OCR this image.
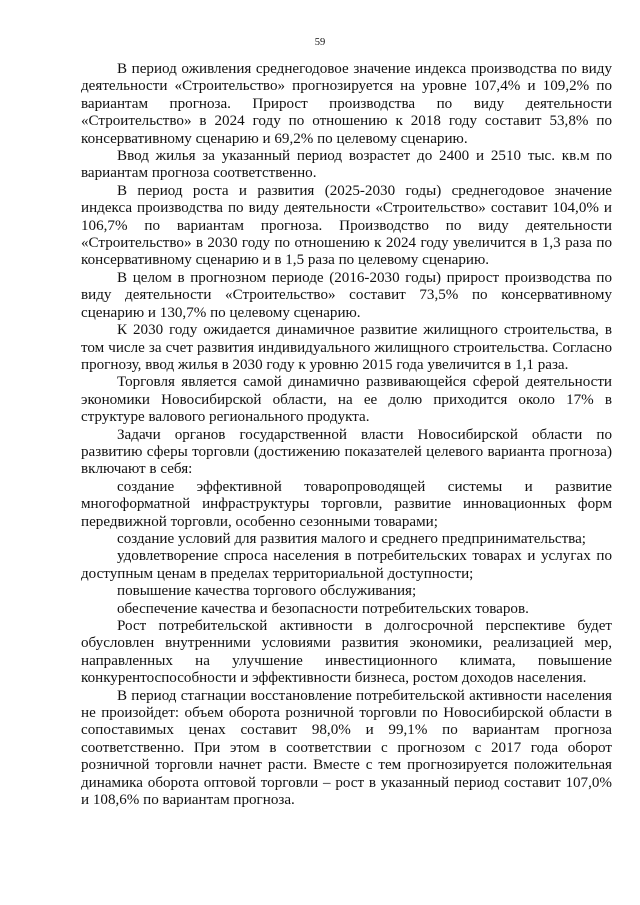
59

В период оживления среднегодовое значение индекса производства по виду деятельности «Строительство» прогнозируется на уровне 107,4% и 109,2% по вариантам прогноза. Прирост производства по виду деятельности «Строительство» в 2024 году по отношению к 2018 году составит 53,8% по консервативному сценарию и 69,2% по целевому сценарию.

Ввод жилья за указанный период возрастет до 2400 и 2510 тыс. кв.м по вариантам прогноза соответственно.

В период роста и развития (2025-2030 годы) среднегодовое значение индекса производства по виду деятельности «Строительство» составит 104,0% и 106,7% по вариантам прогноза. Производство по виду деятельности «Строительство» в 2030 году по отношению к 2024 году увеличится в 1,3 раза по консервативному сценарию и в 1,5 раза по целевому сценарию.

В целом в прогнозном периоде (2016-2030 годы) прирост производства по виду деятельности «Строительство» составит 73,5% по консервативному сценарию и 130,7% по целевому сценарию.

К 2030 году ожидается динамичное развитие жилищного строительства, в том числе за счет развития индивидуального жилищного строительства. Согласно прогнозу, ввод жилья в 2030 году к уровню 2015 года увеличится в 1,1 раза.

Торговля является самой динамично развивающейся сферой деятельности экономики Новосибирской области, на ее долю приходится около 17% в структуре валового регионального продукта.

Задачи органов государственной власти Новосибирской области по развитию сферы торговли (достижению показателей целевого варианта прогноза) включают в себя:

создание эффективной товаропроводящей системы и развитие многоформатной инфраструктуры торговли, развитие инновационных форм передвижной торговли, особенно сезонными товарами;

создание условий для развития малого и среднего предпринимательства;

удовлетворение спроса населения в потребительских товарах и услугах по доступным ценам в пределах территориальной доступности;

повышение качества торгового обслуживания;

обеспечение качества и безопасности потребительских товаров.

Рост потребительской активности в долгосрочной перспективе будет обусловлен внутренними условиями развития экономики, реализацией мер, направленных на улучшение инвестиционного климата, повышение конкурентоспособности и эффективности бизнеса, ростом доходов населения.

В период стагнации восстановление потребительской активности населения не произойдет: объем оборота розничной торговли по Новосибирской области в сопоставимых ценах составит 98,0% и 99,1% по вариантам прогноза соответственно. При этом в соответствии с прогнозом с 2017 года оборот розничной торговли начнет расти. Вместе с тем прогнозируется положительная динамика оборота оптовой торговли – рост в указанный период составит 107,0% и 108,6% по вариантам прогноза.
